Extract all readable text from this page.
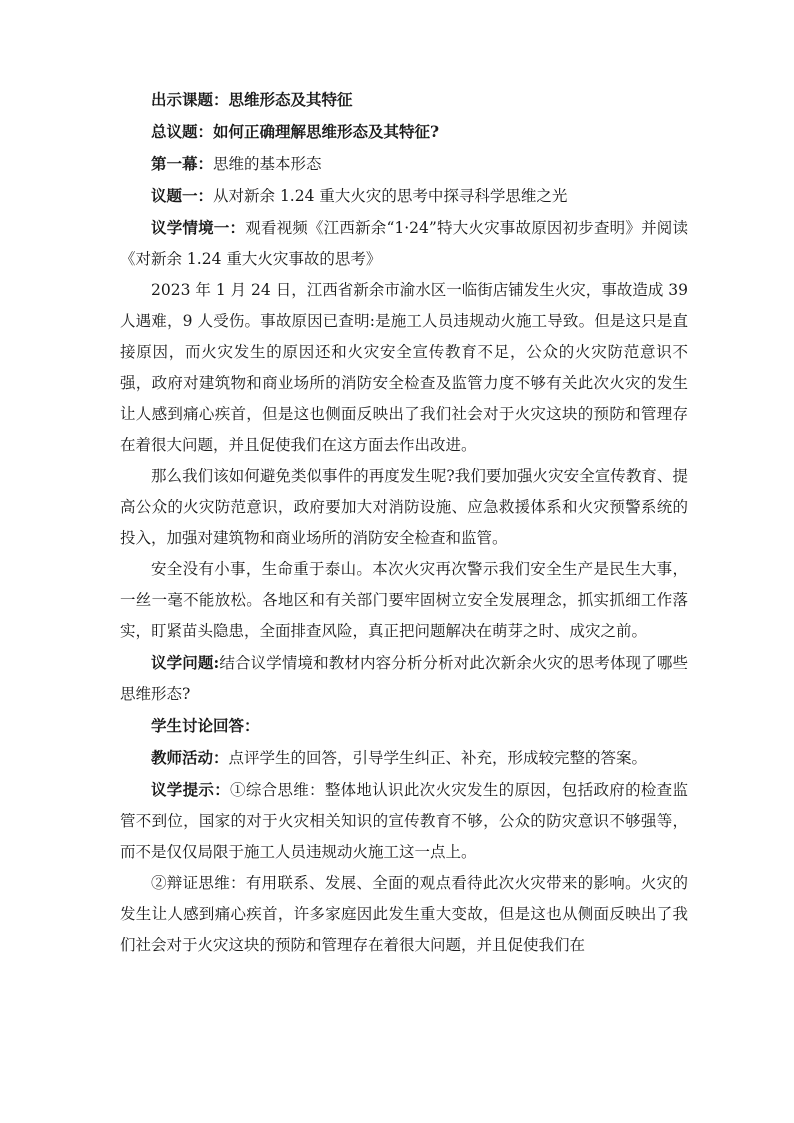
出示课题：思维形态及其特征
总议题：如何正确理解思维形态及其特征?
第一幕：思维的基本形态
议题一：从对新余 1.24 重大火灾的思考中探寻科学思维之光

议学情境一：观看视频《江西新余“1·24”特大火灾事故原因初步查明》并阅读《对新余 1.24 重大火灾事故的思考》

2023 年 1 月 24 日，江西省新余市渝水区一临街店铺发生火灾，事故造成 39 人遇难，9 人受伤。事故原因已查明:是施工人员违规动火施工导致。但是这只是直接原因，而火灾发生的原因还和火灾安全宣传教育不足，公众的火灾防范意识不强，政府对建筑物和商业场所的消防安全检查及监管力度不够有关此次火灾的发生让人感到痛心疾首，但是这也侧面反映出了我们社会对于火灾这块的预防和管理存在着很大问题，并且促使我们在这方面去作出改进。

那么我们该如何避免类似事件的再度发生呢?我们要加强火灾安全宣传教育、提高公众的火灾防范意识，政府要加大对消防设施、应急救援体系和火灾预警系统的投入，加强对建筑物和商业场所的消防安全检查和监管。

安全没有小事，生命重于泰山。本次火灾再次警示我们安全生产是民生大事，一丝一毫不能放松。各地区和有关部门要牢固树立安全发展理念，抓实抓细工作落实，盯紧苗头隐患，全面排查风险，真正把问题解决在萌芽之时、成灾之前。

议学问题:结合议学情境和教材内容分析分析对此次新余火灾的思考体现了哪些思维形态?

学生讨论回答：
教师活动：点评学生的回答，引导学生纠正、补充，形成较完整的答案。

议学提示：①综合思维：整体地认识此次火灾发生的原因，包括政府的检查监管不到位，国家的对于火灾相关知识的宣传教育不够，公众的防灾意识不够强等，而不是仅仅局限于施工人员违规动火施工这一点上。

②辩证思维：有用联系、发展、全面的观点看待此次火灾带来的影响。火灾的发生让人感到痛心疾首，许多家庭因此发生重大变故，但是这也从侧面反映出了我们社会对于火灾这块的预防和管理存在着很大问题，并且促使我们在
